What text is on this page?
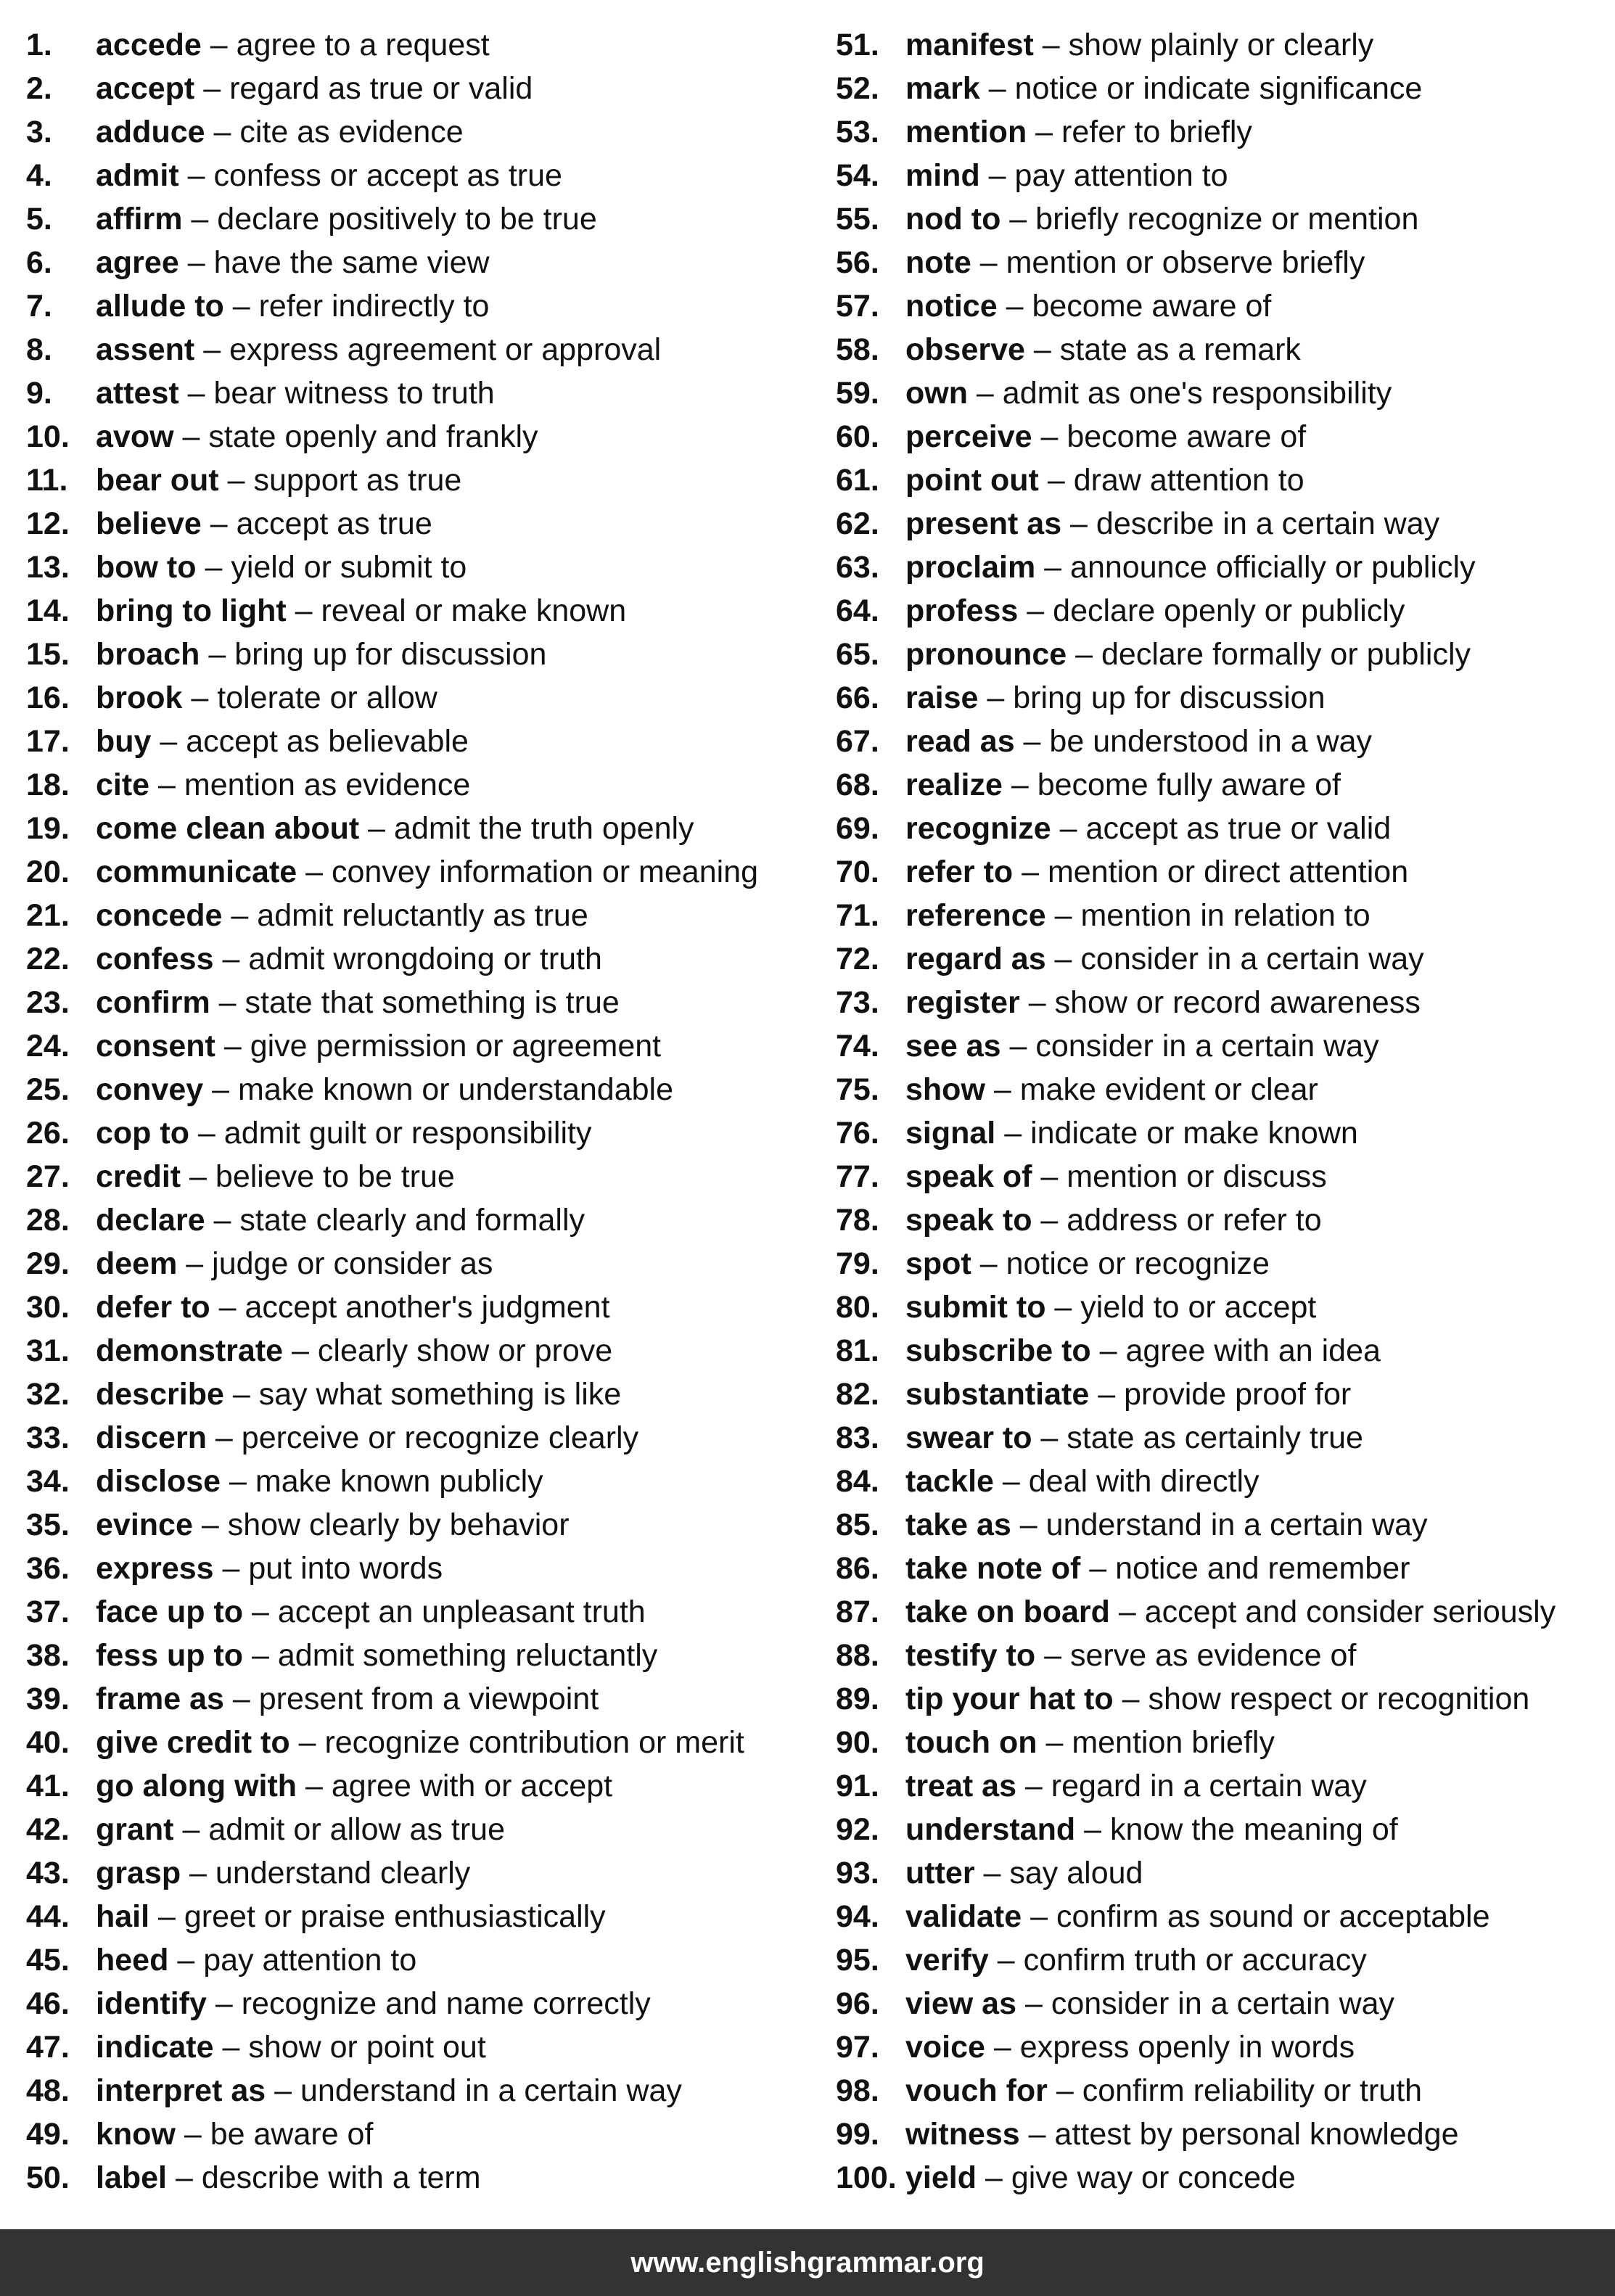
1. accede – agree to a request
2. accept – regard as true or valid
3. adduce – cite as evidence
4. admit – confess or accept as true
5. affirm – declare positively to be true
6. agree – have the same view
7. allude to – refer indirectly to
8. assent – express agreement or approval
9. attest – bear witness to truth
10. avow – state openly and frankly
11. bear out – support as true
12. believe – accept as true
13. bow to – yield or submit to
14. bring to light – reveal or make known
15. broach – bring up for discussion
16. brook – tolerate or allow
17. buy – accept as believable
18. cite – mention as evidence
19. come clean about – admit the truth openly
20. communicate – convey information or meaning
21. concede – admit reluctantly as true
22. confess – admit wrongdoing or truth
23. confirm – state that something is true
24. consent – give permission or agreement
25. convey – make known or understandable
26. cop to – admit guilt or responsibility
27. credit – believe to be true
28. declare – state clearly and formally
29. deem – judge or consider as
30. defer to – accept another's judgment
31. demonstrate – clearly show or prove
32. describe – say what something is like
33. discern – perceive or recognize clearly
34. disclose – make known publicly
35. evince – show clearly by behavior
36. express – put into words
37. face up to – accept an unpleasant truth
38. fess up to – admit something reluctantly
39. frame as – present from a viewpoint
40. give credit to – recognize contribution or merit
41. go along with – agree with or accept
42. grant – admit or allow as true
43. grasp – understand clearly
44. hail – greet or praise enthusiastically
45. heed – pay attention to
46. identify – recognize and name correctly
47. indicate – show or point out
48. interpret as – understand in a certain way
49. know – be aware of
50. label – describe with a term
51. manifest – show plainly or clearly
52. mark – notice or indicate significance
53. mention – refer to briefly
54. mind – pay attention to
55. nod to – briefly recognize or mention
56. note – mention or observe briefly
57. notice – become aware of
58. observe – state as a remark
59. own – admit as one's responsibility
60. perceive – become aware of
61. point out – draw attention to
62. present as – describe in a certain way
63. proclaim – announce officially or publicly
64. profess – declare openly or publicly
65. pronounce – declare formally or publicly
66. raise – bring up for discussion
67. read as – be understood in a way
68. realize – become fully aware of
69. recognize – accept as true or valid
70. refer to – mention or direct attention
71. reference – mention in relation to
72. regard as – consider in a certain way
73. register – show or record awareness
74. see as – consider in a certain way
75. show – make evident or clear
76. signal – indicate or make known
77. speak of – mention or discuss
78. speak to – address or refer to
79. spot – notice or recognize
80. submit to – yield to or accept
81. subscribe to – agree with an idea
82. substantiate – provide proof for
83. swear to – state as certainly true
84. tackle – deal with directly
85. take as – understand in a certain way
86. take note of – notice and remember
87. take on board – accept and consider seriously
88. testify to – serve as evidence of
89. tip your hat to – show respect or recognition
90. touch on – mention briefly
91. treat as – regard in a certain way
92. understand – know the meaning of
93. utter – say aloud
94. validate – confirm as sound or acceptable
95. verify – confirm truth or accuracy
96. view as – consider in a certain way
97. voice – express openly in words
98. vouch for – confirm reliability or truth
99. witness – attest by personal knowledge
100. yield – give way or concede
www.englishgrammar.org
